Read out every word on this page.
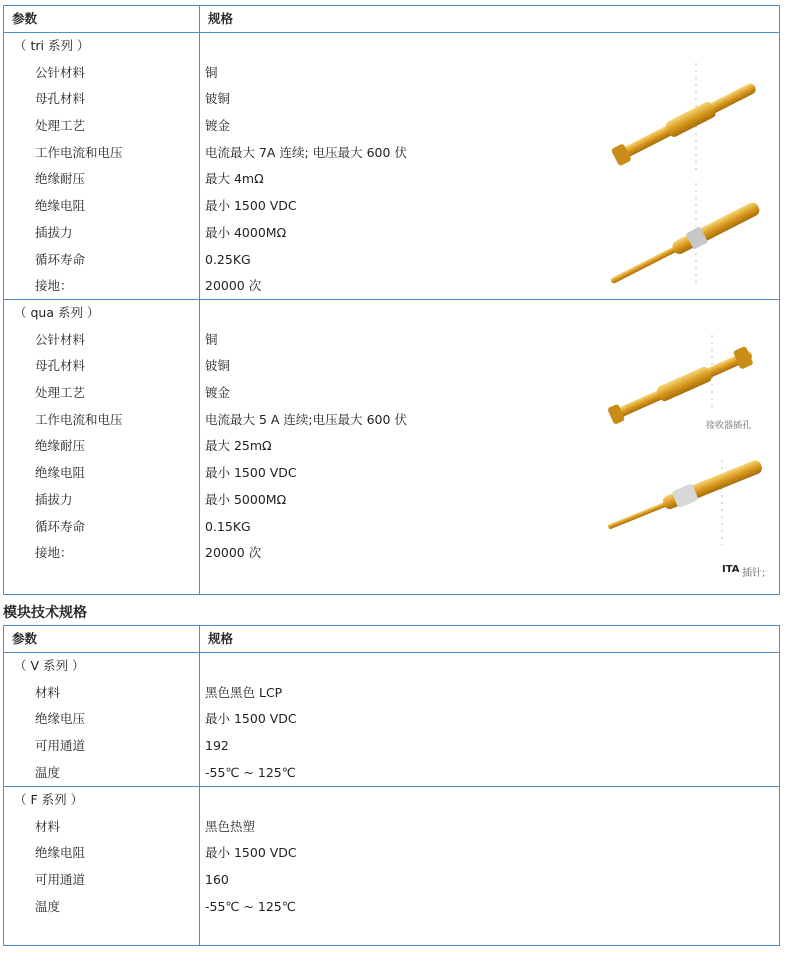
参数	规格
（ tri 系列 ）
公针材料
母孔材料
处理工艺
工作电流和电压
绝缘耐压
绝缘电阻
插拔力
循环寿命
接地：
铜
铍铜
镀金
电流最大 7A 连续; 电压最大 600 伏
最大 4mΩ
最小 1500 VDC
最小 4000MΩ
0.25KG
20000 次
（ qua 系列 ）
公针材料
母孔材料
处理工艺
工作电流和电压
绝缘耐压
绝缘电阻
插拔力
循环寿命
接地：
铜
铍铜
镀金
电流最大 5 A 连续;电压最大 600 伏
最大 25mΩ
最小 1500 VDC
最小 5000MΩ
0.15KG
20000 次
接收器插孔
ITA 插针;
模块技术规格
参数	规格
（ V 系列 ）
材料
绝缘电压
可用通道
温度
黑色黑色 LCP
最小 1500 VDC
192
-55℃ ~ 125℃
（ F 系列 ）
材料
绝缘电阻
可用通道
温度
黑色热塑
最小 1500 VDC
160
-55℃ ~ 125℃
